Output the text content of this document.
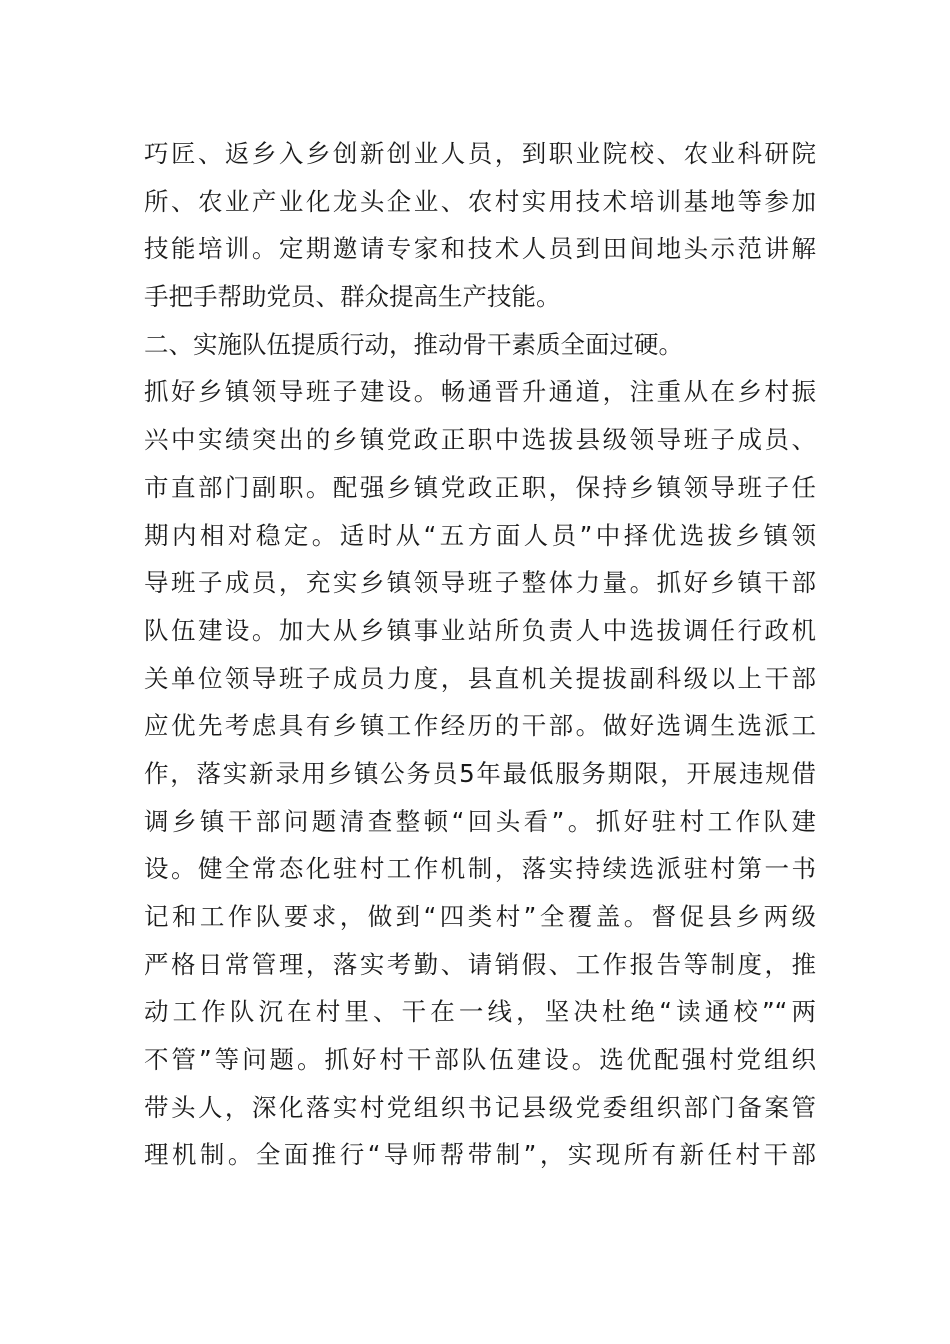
巧匠、返乡入乡创新创业人员，到职业院校、农业科研院
所、农业产业化龙头企业、农村实用技术培训基地等参加
技能培训。定期邀请专家和技术人员到田间地头示范讲解
手把手帮助党员、群众提高生产技能。
二、实施队伍提质行动，推动骨干素质全面过硬。
抓好乡镇领导班子建设。畅通晋升通道，注重从在乡村振
兴中实绩突出的乡镇党政正职中选拔县级领导班子成员、
市直部门副职。配强乡镇党政正职，保持乡镇领导班子任
期内相对稳定。适时从“五方面人员”中择优选拔乡镇领
导班子成员，充实乡镇领导班子整体力量。抓好乡镇干部
队伍建设。加大从乡镇事业站所负责人中选拔调任行政机
关单位领导班子成员力度，县直机关提拔副科级以上干部
应优先考虑具有乡镇工作经历的干部。做好选调生选派工
作，落实新录用乡镇公务员5年最低服务期限，开展违规借
调乡镇干部问题清查整顿“回头看”。抓好驻村工作队建
设。健全常态化驻村工作机制，落实持续选派驻村第一书
记和工作队要求，做到“四类村”全覆盖。督促县乡两级
严格日常管理，落实考勤、请销假、工作报告等制度，推
动工作队沉在村里、干在一线，坚决杜绝“读通校”“两
不管”等问题。抓好村干部队伍建设。选优配强村党组织
带头人，深化落实村党组织书记县级党委组织部门备案管
理机制。全面推行“导师帮带制”，实现所有新任村干部
